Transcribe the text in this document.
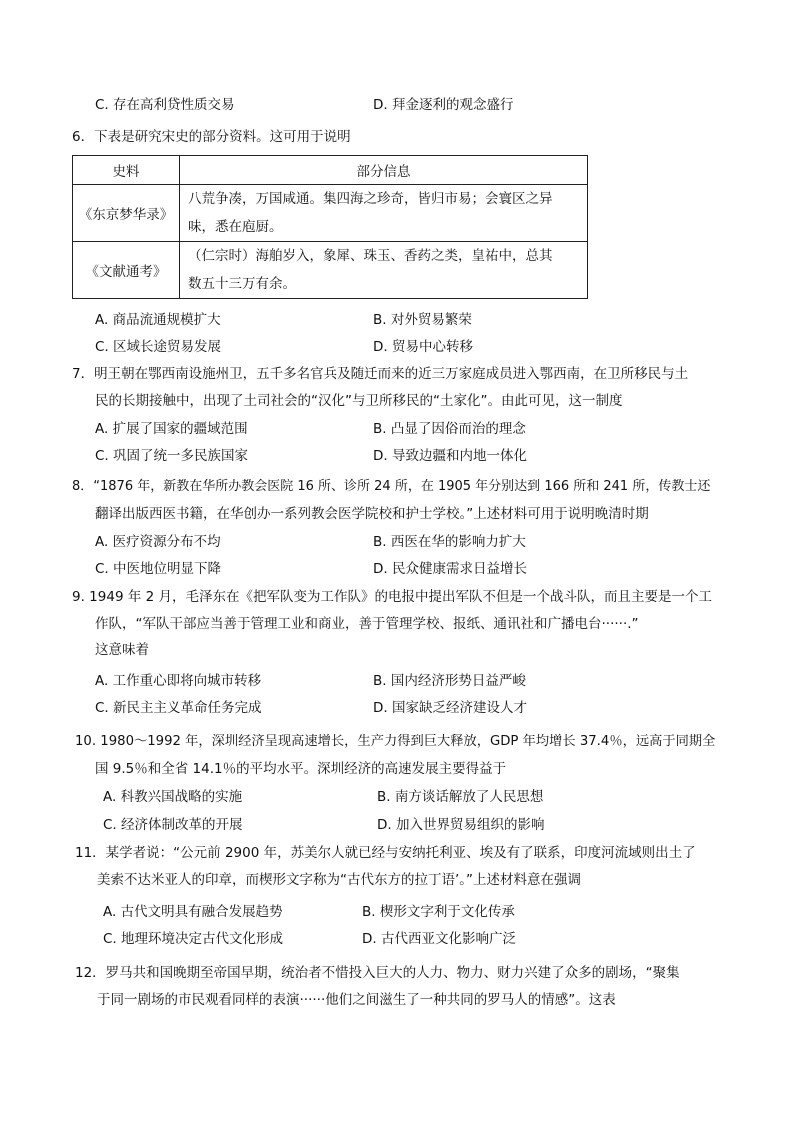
C. 存在高利贷性质交易	D. 拜金逐利的观念盛行
6．下表是研究宋史的部分资料。这可用于说明
史料	部分信息
《东京梦华录》	八荒争凑，万国咸通。集四海之珍奇，皆归市易；会寰区之异
味，悉在庖厨。

《文献通考》	（仁宗时）海舶岁入，象犀、珠玉、香药之类，皇祐中，总其
数五十三万有余。
A. 商品流通规模扩大	B. 对外贸易繁荣
C. 区域长途贸易发展	D. 贸易中心转移
7．明王朝在鄂西南设施州卫，五千多名官兵及随迁而来的近三万家庭成员进入鄂西南，在卫所移民与土
民的长期接触中，出现了土司社会的“汉化”与卫所移民的“土家化”。由此可见，这一制度
A. 扩展了国家的疆域范围	B. 凸显了因俗而治的理念
C. 巩固了统一多民族国家	D. 导致边疆和内地一体化
8．“1876 年，新教在华所办教会医院 16 所、诊所 24 所，在 1905 年分别达到 166 所和 241 所，传教士还
翻译出版西医书籍，在华创办一系列教会医学院校和护士学校。”上述材料可用于说明晚清时期
A. 医疗资源分布不均	B. 西医在华的影响力扩大
C. 中医地位明显下降	D. 民众健康需求日益增长
9. 1949 年 2 月，毛泽东在《把军队变为工作队》的电报中提出军队不但是一个战斗队，而且主要是一个工
作队，“军队干部应当善于管理工业和商业，善于管理学校、报纸、通讯社和广播电台······.”
这意味着
A. 工作重心即将向城市转移	B. 国内经济形势日益严峻
C. 新民主主义革命任务完成	D. 国家缺乏经济建设人才
10. 1980～1992 年，深圳经济呈现高速增长，生产力得到巨大释放，GDP 年均增长 37.4％，远高于同期全
国 9.5％和全省 14.1％的平均水平。深圳经济的高速发展主要得益于
A. 科教兴国战略的实施	B. 南方谈话解放了人民思想
C. 经济体制改革的开展	D. 加入世界贸易组织的影响
11．某学者说：“公元前 2900 年，苏美尔人就已经与安纳托利亚、埃及有了联系，印度河流域则出土了
美索不达米亚人的印章，而楔形文字称为“古代东方的拉丁语’。”上述材料意在强调
A. 古代文明具有融合发展趋势	B. 楔形文字利于文化传承
C. 地理环境决定古代文化形成	D. 古代西亚文化影响广泛
12．罗马共和国晚期至帝国早期，统治者不惜投入巨大的人力、物力、财力兴建了众多的剧场，“聚集
于同一剧场的市民观看同样的表演······他们之间滋生了一种共同的罗马人的情感”。这表
